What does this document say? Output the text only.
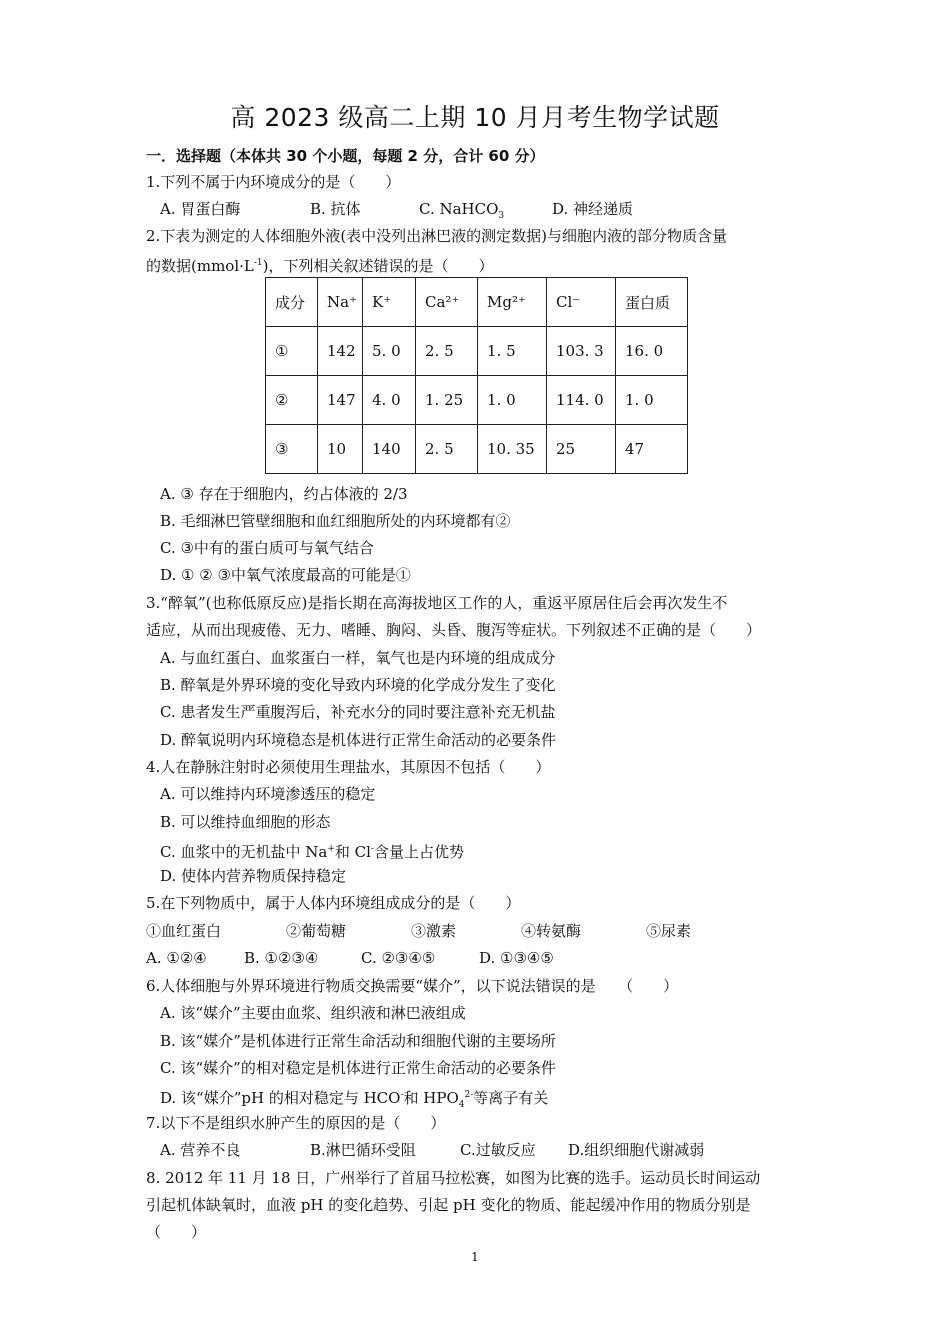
高 2023 级高二上期 10 月月考生物学试题
一．选择题（本体共 30 个小题，每题 2 分，合计 60 分）
1.下列不属于内环境成分的是（　　）
A. 胃蛋白酶	B. 抗体	C. NaHCO$_3$	D. 神经递质
2.下表为测定的人体细胞外液(表中没列出淋巴液的测定数据)与细胞内液的部分物质含量
的数据$(mmol\cdot L^{-1})$，下列相关叙述错误的是（　　）
成分	Na⁺	K⁺	Ca²⁺	Mg²⁺	Cl⁻	蛋白质
①	142	5. 0	2. 5	1. 5	103. 3	16. 0
②	147	4. 0	1. 25	1. 0	114. 0	1. 0
③	10	140	2. 5	10. 35	25	47
A. ③ 存在于细胞内，约占体液的 2/3
B. 毛细淋巴管壁细胞和血红细胞所处的内环境都有②
C. ③中有的蛋白质可与氧气结合
D. ① ② ③中氧气浓度最高的可能是①
3.“醉氧”(也称低原反应)是指长期在高海拔地区工作的人，重返平原居住后会再次发生不
适应，从而出现疲倦、无力、嗜睡、胸闷、头昏、腹泻等症状。下列叙述不正确的是（　　）
A. 与血红蛋白、血浆蛋白一样，氧气也是内环境的组成成分
B. 醉氧是外界环境的变化导致内环境的化学成分发生了变化
C. 患者发生严重腹泻后，补充水分的同时要注意补充无机盐
D. 醉氧说明内环境稳态是机体进行正常生命活动的必要条件
4.人在静脉注射时必须使用生理盐水，其原因不包括（　　）
A. 可以维持内环境渗透压的稳定
B. 可以维持血细胞的形态
C. 血浆中的无机盐中 Na+和 Cl-含量上占优势
D. 使体内营养物质保持稳定
5.在下列物质中，属于人体内环境组成成分的是（　　）
①血红蛋白	②葡萄糖	③激素	④转氨酶	⑤尿素
A. ①②④ B. ①②③④	C. ②③④⑤	D. ①③④⑤
6.人体细胞与外界环境进行物质交换需要“媒介”，以下说法错误的是　　（　　）
A. 该“媒介”主要由血浆、组织液和淋巴液组成
B. 该“媒介”是机体进行正常生命活动和细胞代谢的主要场所
C. 该“媒介”的相对稳定是机体进行正常生命活动的必要条件
D. 该“媒介”pH 的相对稳定与 HCO-和 $HPO_4^{2-}$等离子有关
7.以下不是组织水肿产生的原因的是（　　）
A. 营养不良	B.淋巴循环受阻	C.过敏反应 D.组织细胞代谢减弱
8. 2012 年 11 月 18 日，广州举行了首届马拉松赛，如图为比赛的选手。运动员长时间运动
引起机体缺氧时，血液 pH 的变化趋势、引起 pH 变化的物质、能起缓冲作用的物质分别是
（　　）
1
